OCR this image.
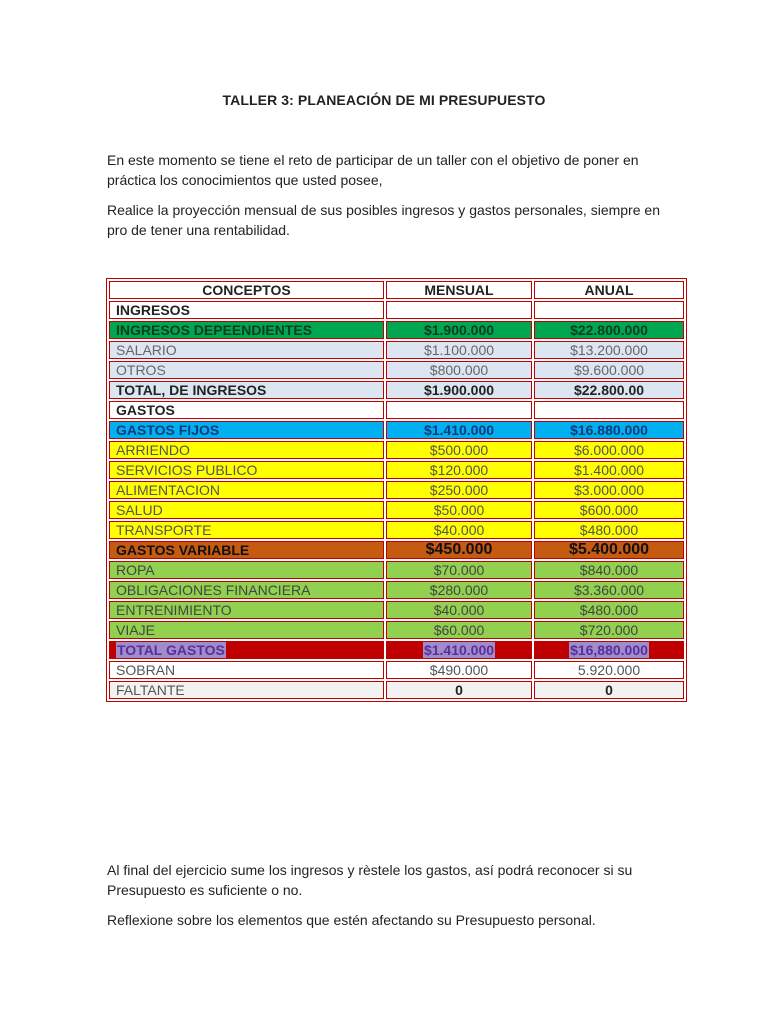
TALLER 3: PLANEACIÓN DE MI PRESUPUESTO
En este momento se tiene el reto de participar de un taller con el objetivo de poner en práctica los conocimientos que usted posee,
Realice la proyección mensual de sus posibles ingresos y gastos personales, siempre en pro de tener una rentabilidad.
CONCEPTOS	MENSUAL	ANUAL
INGRESOS		
INGRESOS DEPEENDIENTES	$1.900.000	$22.800.000
SALARIO	$1.100.000	$13.200.000
OTROS	$800.000	$9.600.000
TOTAL, DE INGRESOS	$1.900.000	$22.800.00
GASTOS		
GASTOS FIJOS	$1.410.000	$16.880.000
ARRIENDO	$500.000	$6.000.000
SERVICIOS PUBLICO	$120.000	$1.400.000
ALIMENTACION	$250.000	$3.000.000
SALUD	$50.000	$600.000
TRANSPORTE	$40.000	$480.000
GASTOS VARIABLE	$450.000	$5.400.000
ROPA	$70.000	$840.000
OBLIGACIONES FINANCIERA	$280.000	$3.360.000
ENTRENIMIENTO	$40.000	$480.000
VIAJE	$60.000	$720.000
TOTAL GASTOS	$1.410.000	$16,880.000
SOBRAN	$490.000	5.920.000
FALTANTE	0	0
Al final del ejercicio sume los ingresos y rèstele los gastos, así podrá reconocer si su Presupuesto es suficiente o no.
Reflexione sobre los elementos que estén afectando su Presupuesto personal.
